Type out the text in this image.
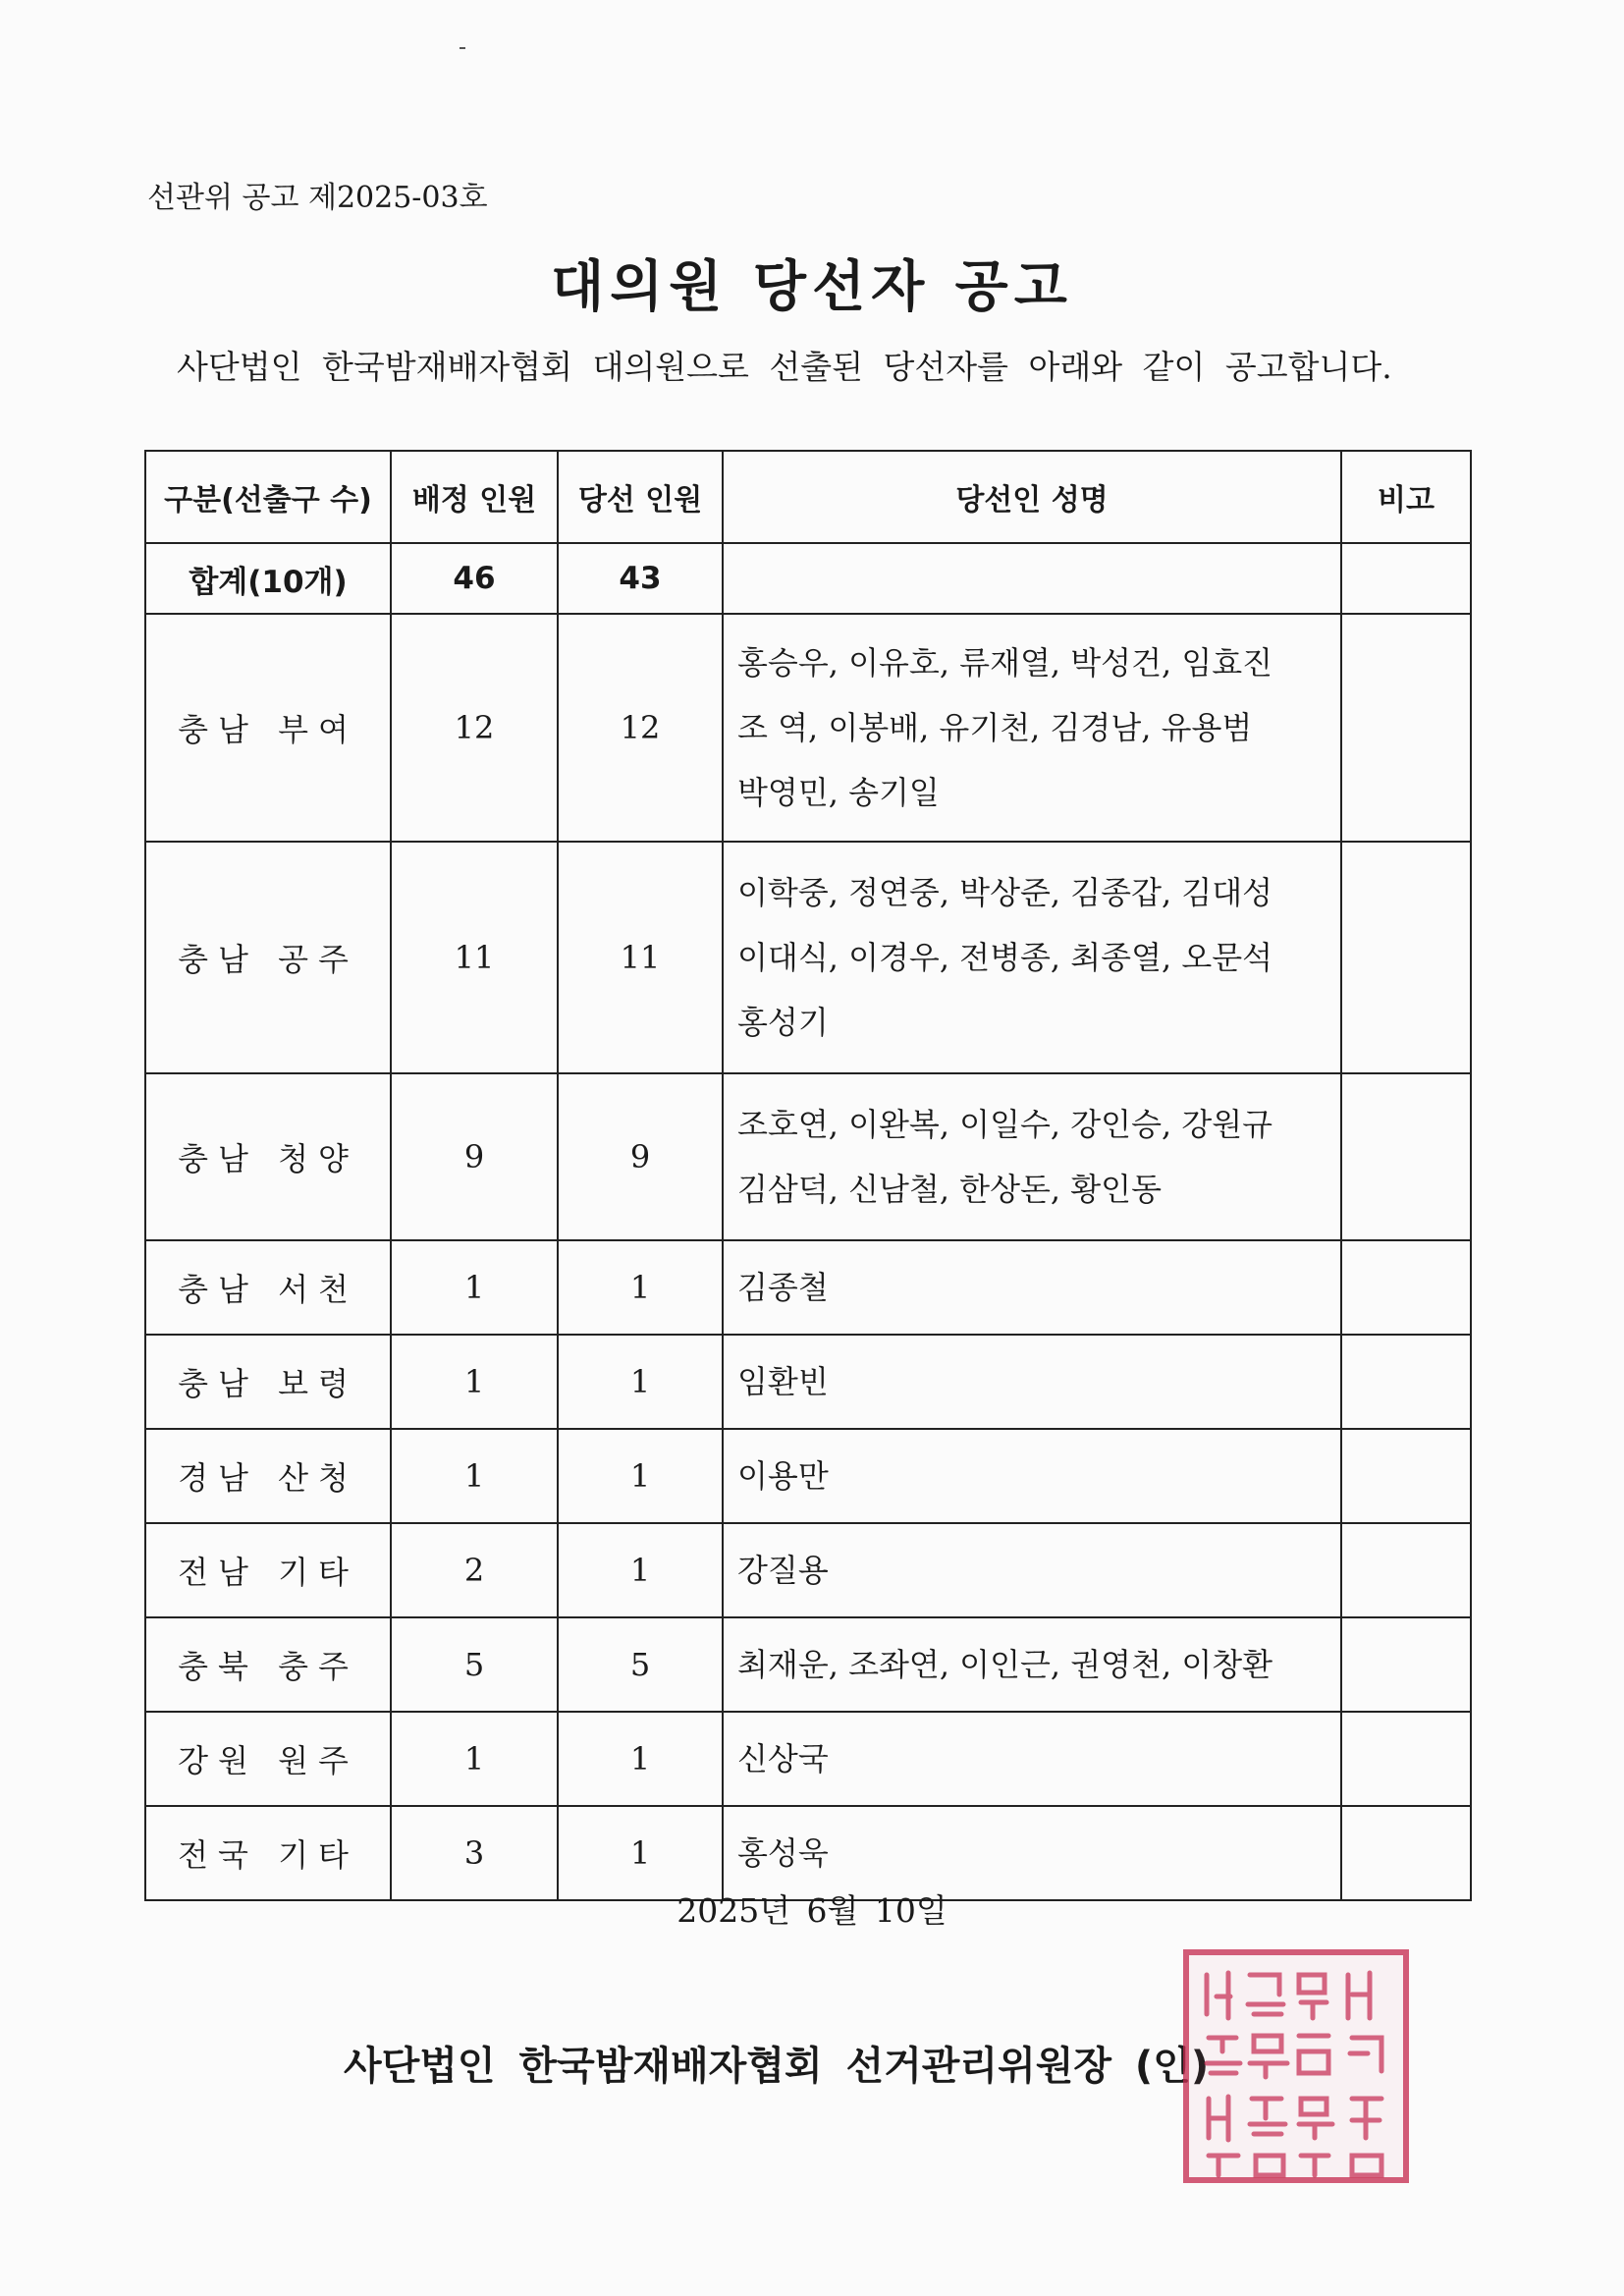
선관위 공고 제2025-03호
대의원 당선자 공고
사단법인 한국밤재배자협회 대의원으로 선출된 당선자를 아래와 같이 공고합니다.
구분(선출구 수)	배정 인원	당선 인원	당선인 성명	비고
합계(10개)	46	43		
충남 부여	12	12	홍승우, 이유호, 류재열, 박성건, 임효진
조 역, 이봉배, 유기천, 김경남, 유용범
박영민, 송기일	

충남 공주	11	11	이학중, 정연중, 박상준, 김종갑, 김대성
이대식, 이경우, 전병종, 최종열, 오문석
홍성기	

충남 청양	9	9	조호연, 이완복, 이일수, 강인승, 강원규
김삼덕, 신남철, 한상돈, 황인동	

충남 서천	1	1	김종철	

충남 보령	1	1	임환빈	

경남 산청	1	1	이용만	

전남 기타	2	1	강질용	

충북 충주	5	5	최재운, 조좌연, 이인근, 권영천, 이창환	

강원 원주	1	1	신상국	

전국 기타	3	1	홍성욱	

2025년 6월 10일
사단법인 한국밤재배자협회 선거관리위원장 (인)
